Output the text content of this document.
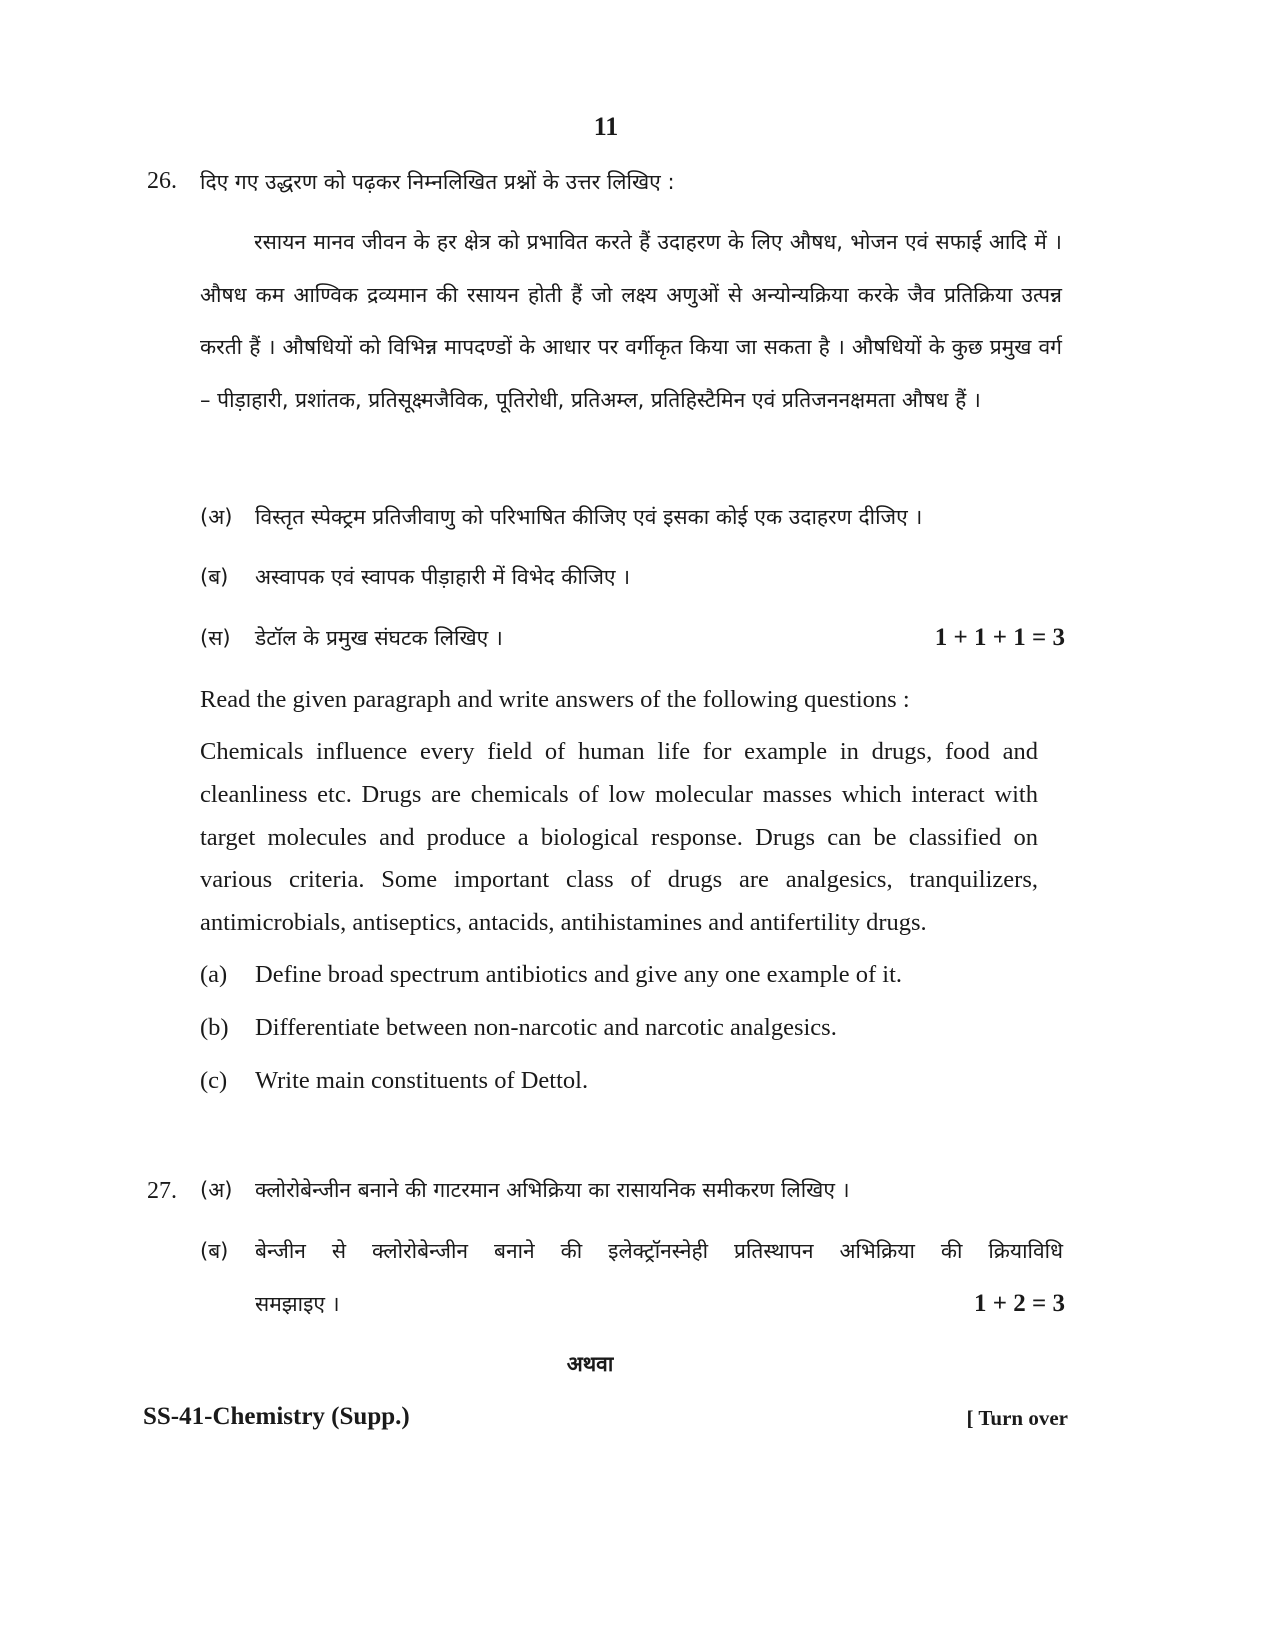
11
26. दिए गए उद्धरण को पढ़कर निम्नलिखित प्रश्नों के उत्तर लिखिए :
रसायन मानव जीवन के हर क्षेत्र को प्रभावित करते हैं उदाहरण के लिए औषध, भोजन एवं सफाई आदि में । औषध कम आण्विक द्रव्यमान की रसायन होती हैं जो लक्ष्य अणुओं से अन्योन्यक्रिया करके जैव प्रतिक्रिया उत्पन्न करती हैं । औषधियों को विभिन्न मापदण्डों के आधार पर वर्गीकृत किया जा सकता है । औषधियों के कुछ प्रमुख वर्ग – पीड़ाहारी, प्रशांतक, प्रतिसूक्ष्मजैविक, पूतिरोधी, प्रतिअम्ल, प्रतिहिस्टैमिन एवं प्रतिजननक्षमता औषध हैं ।
(अ) विस्तृत स्पेक्ट्रम प्रतिजीवाणु को परिभाषित कीजिए एवं इसका कोई एक उदाहरण दीजिए ।
(ब) अस्वापक एवं स्वापक पीड़ाहारी में विभेद कीजिए ।
(स) डेटॉल के प्रमुख संघटक लिखिए ।	1 + 1 + 1 = 3
Read the given paragraph and write answers of the following questions :
Chemicals influence every field of human life for example in drugs, food and cleanliness etc. Drugs are chemicals of low molecular masses which interact with target molecules and produce a biological response. Drugs can be classified on various criteria. Some important class of drugs are analgesics, tranquilizers, antimicrobials, antiseptics, antacids, antihistamines and antifertility drugs.
(a) Define broad spectrum antibiotics and give any one example of it.
(b) Differentiate between non-narcotic and narcotic analgesics.
(c) Write main constituents of Dettol.
27. (अ) क्लोरोबेन्जीन बनाने की गाटरमान अभिक्रिया का रासायनिक समीकरण लिखिए ।
(ब) बेन्जीन से क्लोरोबेन्जीन बनाने की इलेक्ट्रॉनस्नेही प्रतिस्थापन अभिक्रिया की क्रियाविधि
समझाइए ।	1 + 2 = 3
अथवा
SS-41-Chemistry (Supp.)	[ Turn over
